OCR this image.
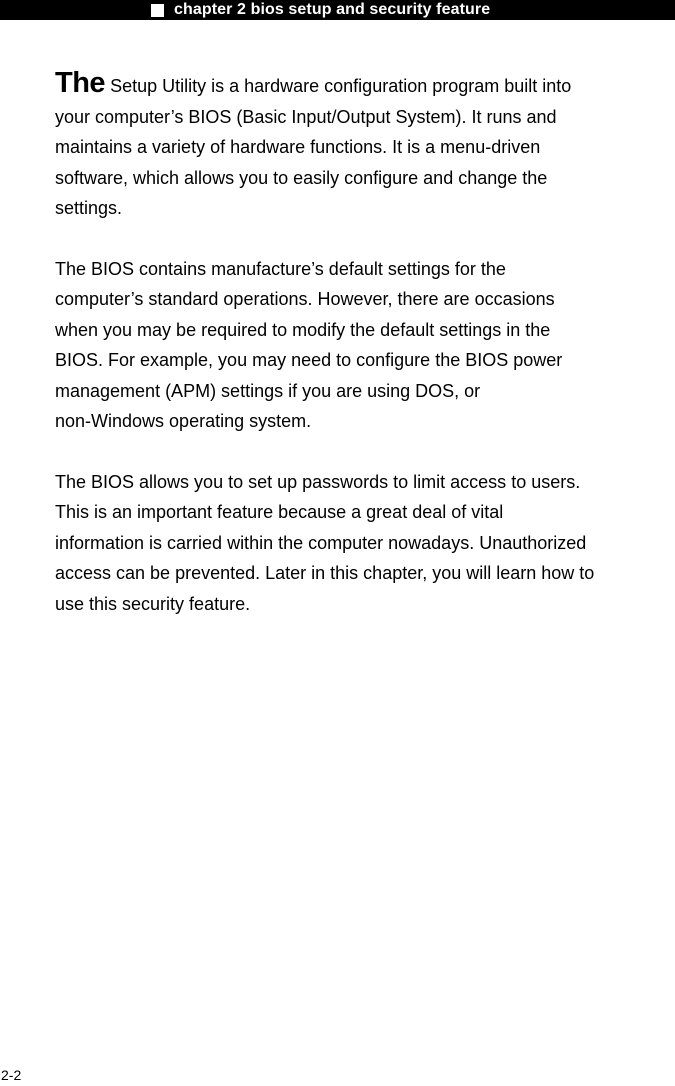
chapter 2 bios setup and security feature

The Setup Utility is a hardware configuration program built into
your computer’s BIOS (Basic Input/Output System). It runs and
maintains a variety of hardware functions. It is a menu-driven
software, which allows you to easily configure and change the
settings.

The BIOS contains manufacture’s default settings for the
computer’s standard operations. However, there are occasions
when you may be required to modify the default settings in the
BIOS. For example, you may need to configure the BIOS power
management (APM) settings if you are using DOS, or
non-Windows operating system.

The BIOS allows you to set up passwords to limit access to users.
This is an important feature because a great deal of vital
information is carried within the computer nowadays. Unauthorized
access can be prevented. Later in this chapter, you will learn how to
use this security feature.

2-2
